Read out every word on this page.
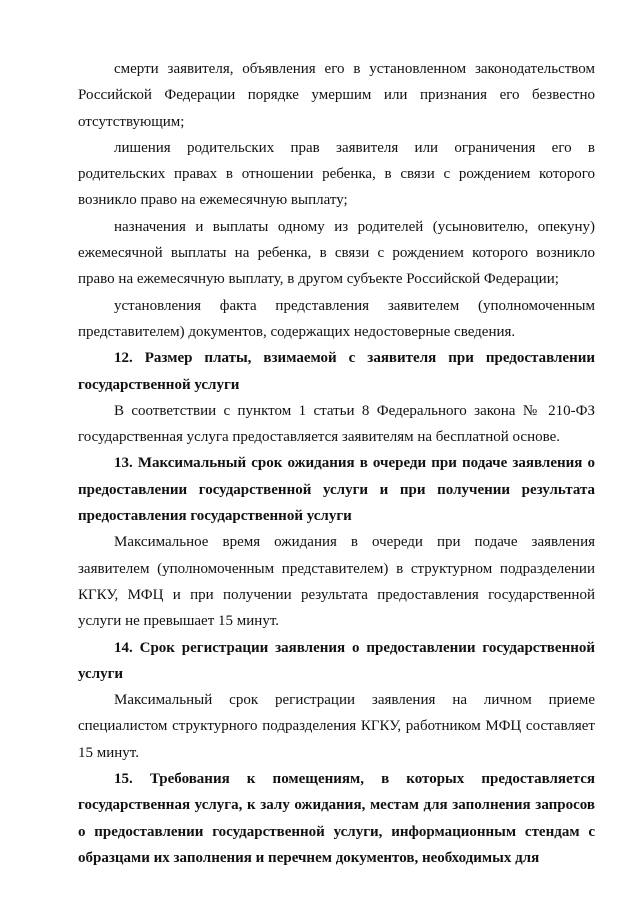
смерти заявителя, объявления его в установленном законодательством Российской Федерации порядке умершим или признания его безвестно отсутствующим;

лишения родительских прав заявителя или ограничения его в родительских правах в отношении ребенка, в связи с рождением которого возникло право на ежемесячную выплату;

назначения и выплаты одному из родителей (усыновителю, опекуну) ежемесячной выплаты на ребенка, в связи с рождением которого возникло право на ежемесячную выплату, в другом субъекте Российской Федерации;

установления факта представления заявителем (уполномоченным представителем) документов, содержащих недостоверные сведения.

12. Размер платы, взимаемой с заявителя при предоставлении государственной услуги

В соответствии с пунктом 1 статьи 8 Федерального закона № 210-ФЗ государственная услуга предоставляется заявителям на бесплатной основе.

13. Максимальный срок ожидания в очереди при подаче заявления о предоставлении государственной услуги и при получении результата предоставления государственной услуги

Максимальное время ожидания в очереди при подаче заявления заявителем (уполномоченным представителем) в структурном подразделении КГКУ, МФЦ и при получении результата предоставления государственной услуги не превышает 15 минут.

14. Срок регистрации заявления о предоставлении государственной услуги

Максимальный срок регистрации заявления на личном приеме специалистом структурного подразделения КГКУ, работником МФЦ составляет 15 минут.

15. Требования к помещениям, в которых предоставляется государственная услуга, к залу ожидания, местам для заполнения запросов о предоставлении государственной услуги, информационным стендам с образцами их заполнения и перечнем документов, необходимых для
